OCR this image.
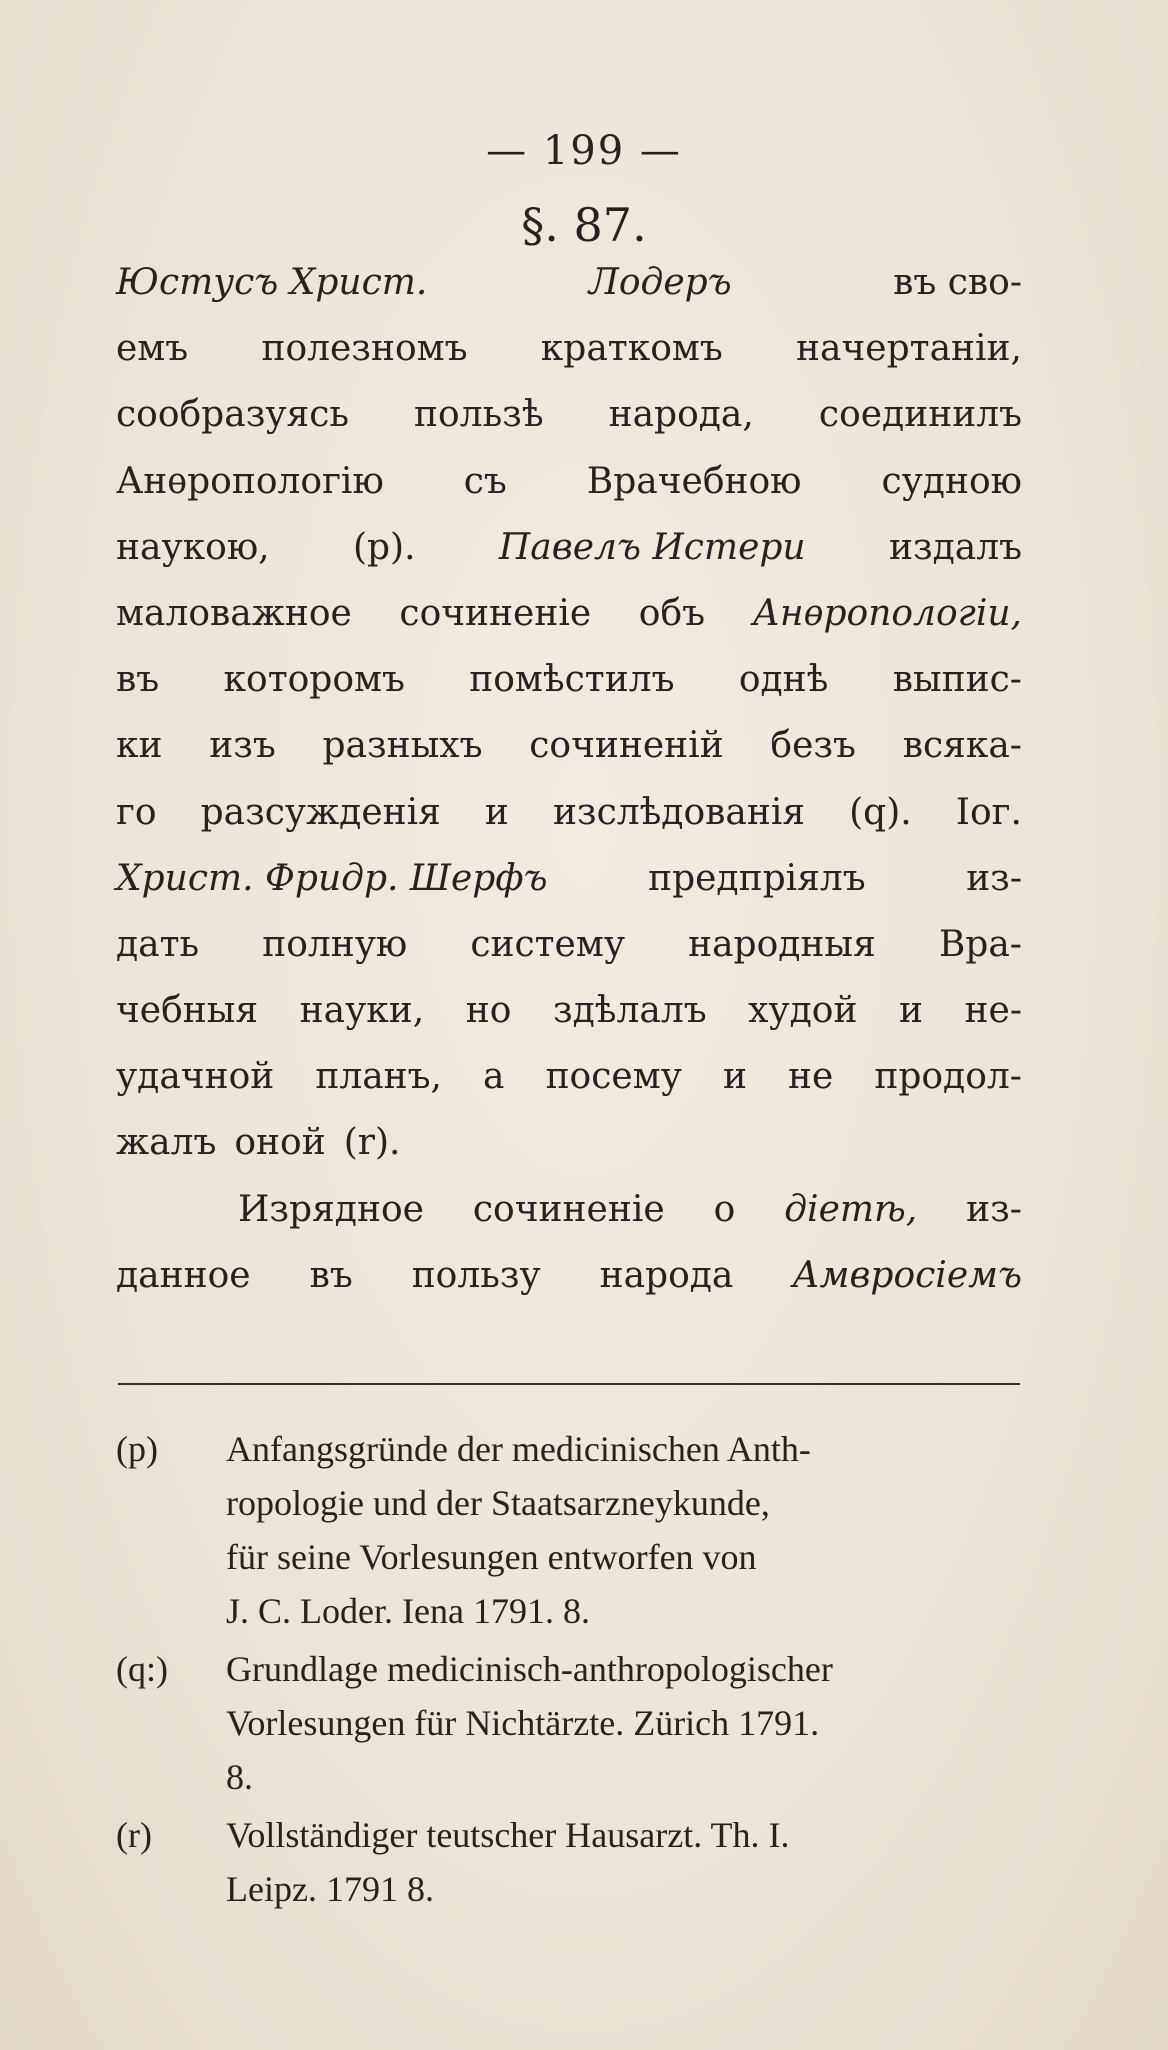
— 199 —
§. 87.
Юстусъ Христ.	Лодеръ	въ сво-
емъ полезномъ краткомъ начертаніи,
сообразуясь пользѣ народа, соединилъ
Анѳропологію съ Врачебною судною
наукою, (p). Павелъ Истери издалъ
маловажное сочиненіе объ Анѳропологіи,
въ которомъ помѣстилъ однѣ выпис-
ки изъ разныхъ сочиненій безъ всяка-
го разсужденія и изслѣдованія (q). Іог.
Христ. Фридр. Шерфъ	предпріялъ	из-
дать полную систему народныя Вра-
чебныя науки, но здѣлалъ худой и не-
удачной планъ, а посему и не продол-
жалъ оной (r).
Изрядное сочиненіе о діетѣ, из-
данное въ пользу народа Амвросіемъ
(p)	Anfangsgründe der medicinischen Anth-
ropologie und der Staatsarzneykunde,
für seine Vorlesungen entworfen von
J. C. Loder. Iena 1791. 8.
(q:)	Grundlage medicinisch-anthropologischer
Vorlesungen für Nichtärzte. Zürich 1791.
8.
(r)	Vollständiger teutscher Hausarzt. Th. I.
Leipz. 1791 8.
